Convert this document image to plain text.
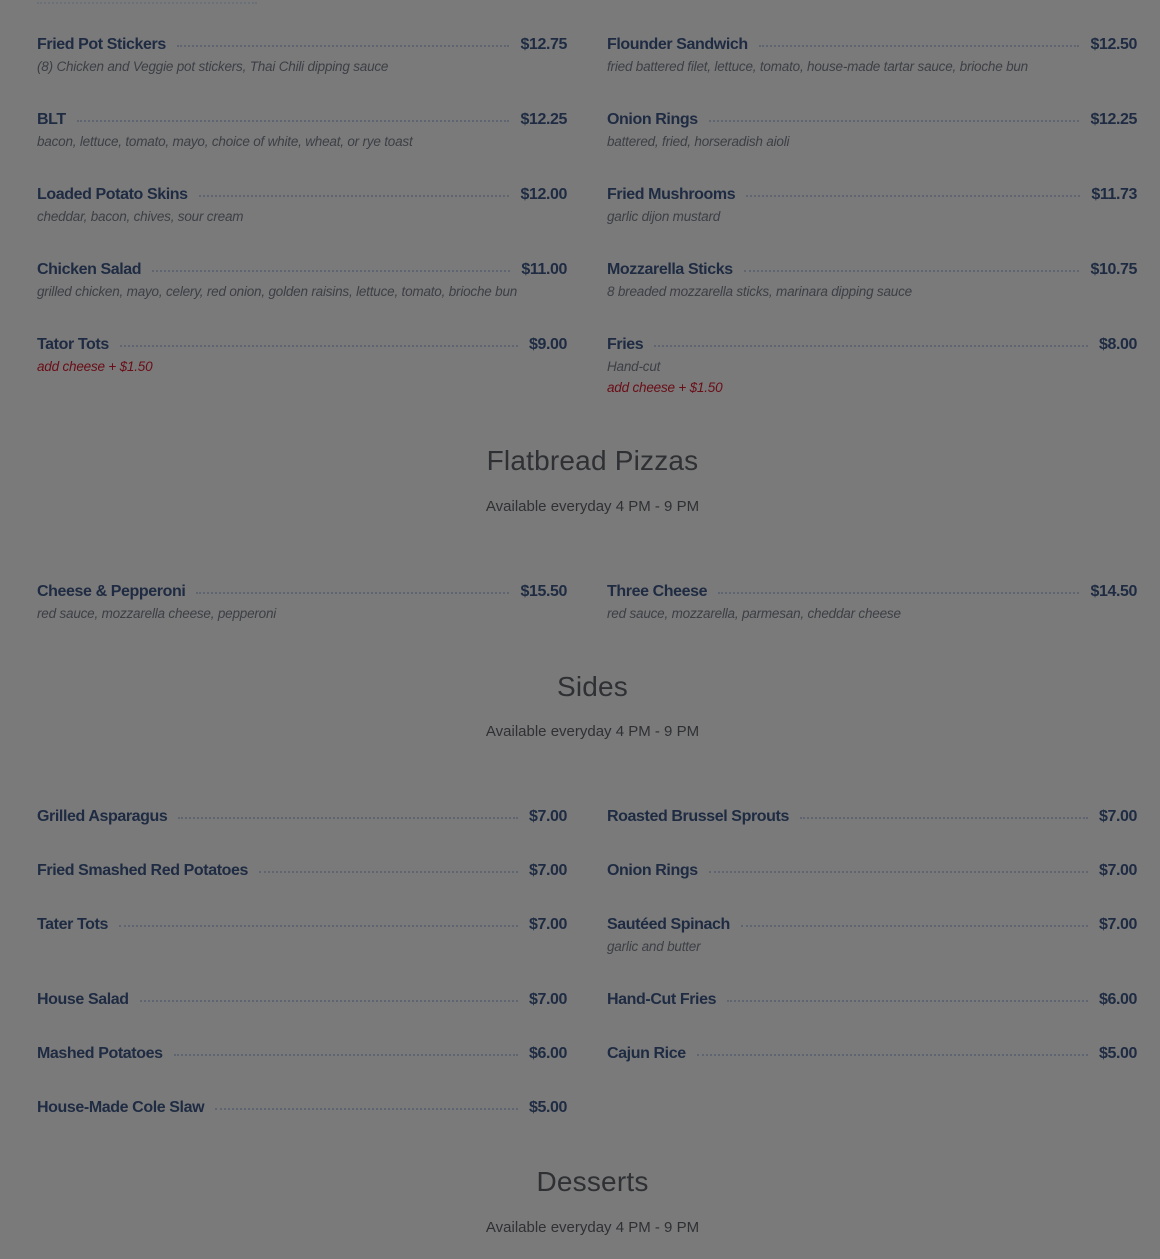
Fried Pot Stickers	$12.75
(8) Chicken and Veggie pot stickers, Thai Chili dipping sauce
BLT	$12.25
bacon, lettuce, tomato, mayo, choice of white, wheat, or rye toast
Loaded Potato Skins	$12.00
cheddar, bacon, chives, sour cream
Chicken Salad	$11.00
grilled chicken, mayo, celery, red onion, golden raisins, lettuce, tomato, brioche bun
Tator Tots	$9.00
add cheese + $1.50
Flounder Sandwich	$12.50
fried battered filet, lettuce, tomato, house-made tartar sauce, brioche bun
Onion Rings	$12.25
battered, fried, horseradish aioli
Fried Mushrooms	$11.73
garlic dijon mustard
Mozzarella Sticks	$10.75
8 breaded mozzarella sticks, marinara dipping sauce
Fries	$8.00
Hand-cut
add cheese + $1.50
Flatbread Pizzas
Available everyday 4 PM - 9 PM
Cheese & Pepperoni	$15.50
red sauce, mozzarella cheese, pepperoni
Three Cheese	$14.50
red sauce, mozzarella, parmesan, cheddar cheese
Sides
Available everyday 4 PM - 9 PM
Grilled Asparagus	$7.00
Fried Smashed Red Potatoes	$7.00
Tater Tots	$7.00
House Salad	$7.00
Mashed Potatoes	$6.00
House-Made Cole Slaw	$5.00
Roasted Brussel Sprouts	$7.00
Onion Rings	$7.00
Sautéed Spinach	$7.00
garlic and butter
Hand-Cut Fries	$6.00
Cajun Rice	$5.00
Desserts
Available everyday 4 PM - 9 PM
